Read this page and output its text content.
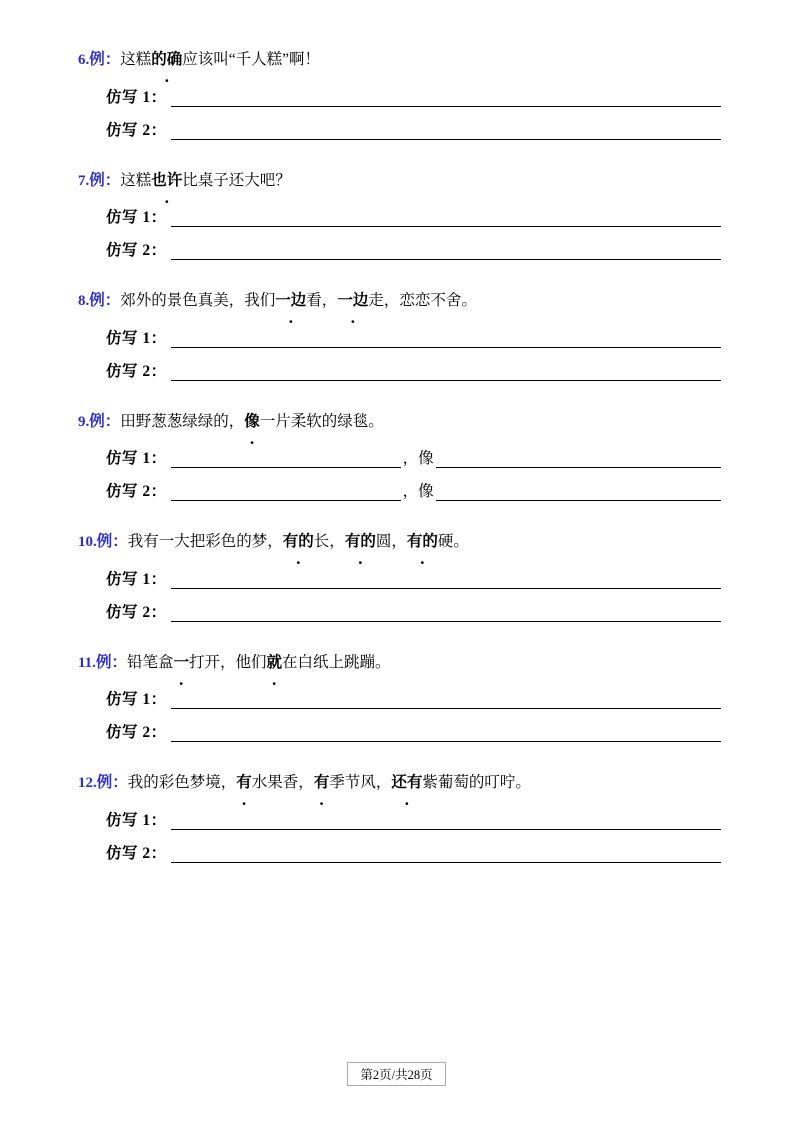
6.例：这糕的确应该叫“千人糕”啊！
仿写 1：
仿写 2：
7.例：这糕也许比桌子还大吧？
仿写 1：
仿写 2：
8.例：郊外的景色真美，我们一边看，一边走，恋恋不舍。
仿写 1：
仿写 2：
9.例：田野葱葱绿绿的，像一片柔软的绿毯。
仿写 1：	，像
仿写 2：	，像
10.例：我有一大把彩色的梦，有的长，有的圆，有的硬。
仿写 1：
仿写 2：
11.例：铅笔盒一打开，他们就在白纸上跳蹦。
仿写 1：
仿写 2：
12.例：我的彩色梦境，有水果香，有季节风，还有紫葡萄的叮咛。
仿写 1：
仿写 2：
第2页/共28页
